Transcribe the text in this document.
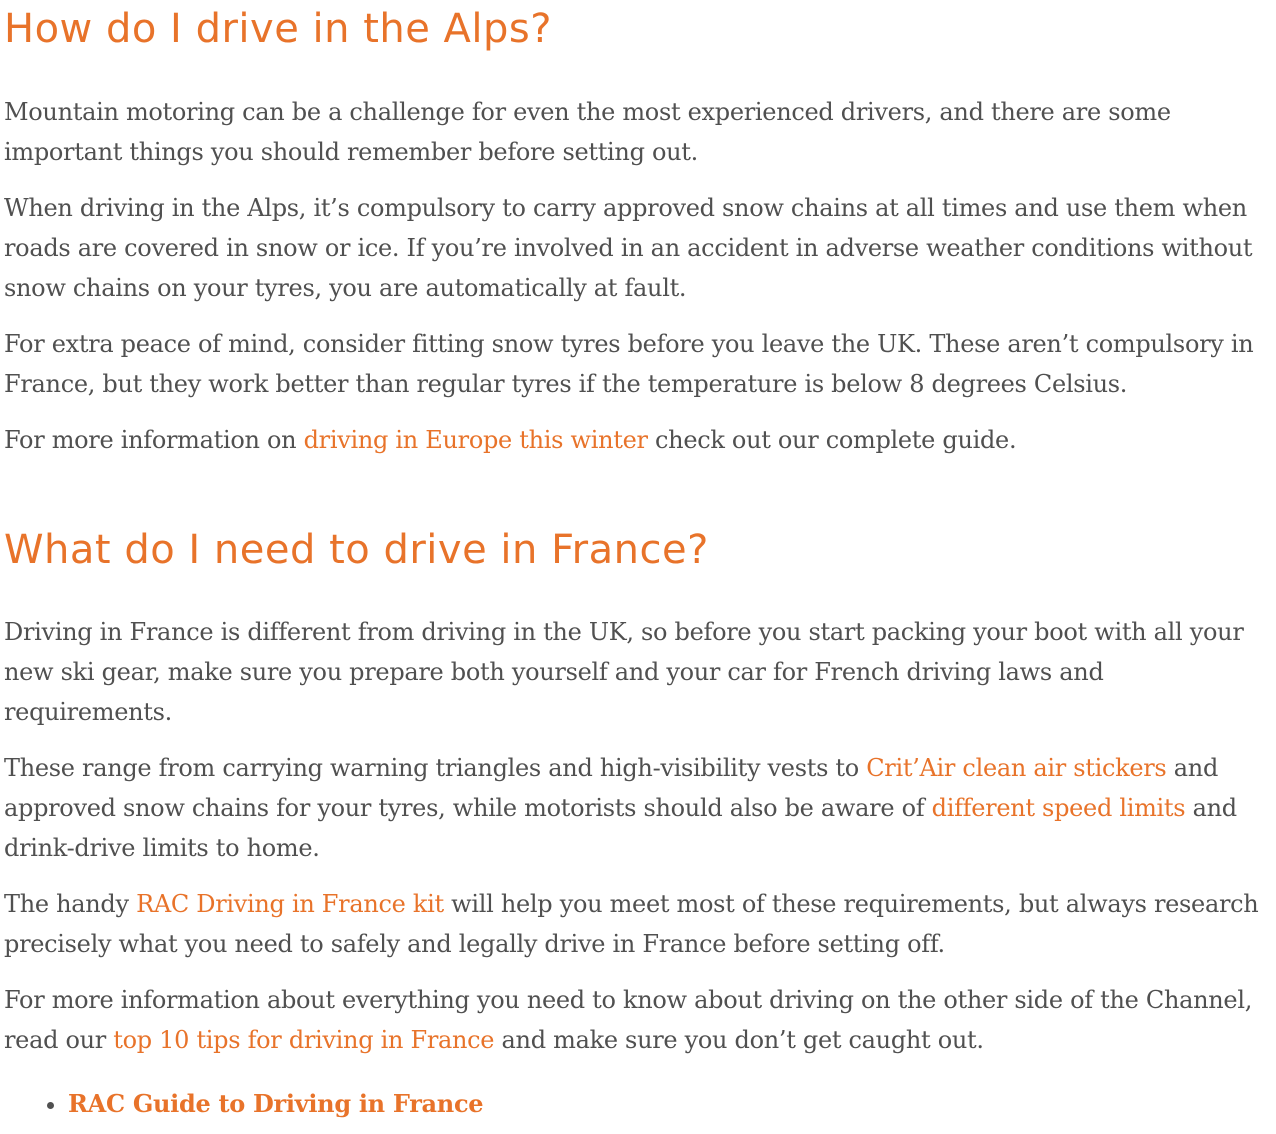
How do I drive in the Alps?

Mountain motoring can be a challenge for even the most experienced drivers, and there are some important things you should remember before setting out.

When driving in the Alps, it’s compulsory to carry approved snow chains at all times and use them when roads are covered in snow or ice. If you’re involved in an accident in adverse weather conditions without snow chains on your tyres, you are automatically at fault.

For extra peace of mind, consider fitting snow tyres before you leave the UK. These aren’t compulsory in France, but they work better than regular tyres if the temperature is below 8 degrees Celsius.

For more information on driving in Europe this winter check out our complete guide.

What do I need to drive in France?

Driving in France is different from driving in the UK, so before you start packing your boot with all your new ski gear, make sure you prepare both yourself and your car for French driving laws and requirements.

These range from carrying warning triangles and high-visibility vests to Crit’Air clean air stickers and approved snow chains for your tyres, while motorists should also be aware of different speed limits and drink-drive limits to home.

The handy RAC Driving in France kit will help you meet most of these requirements, but always research precisely what you need to safely and legally drive in France before setting off.

For more information about everything you need to know about driving on the other side of the Channel, read our top 10 tips for driving in France and make sure you don’t get caught out.

• RAC Guide to Driving in France
